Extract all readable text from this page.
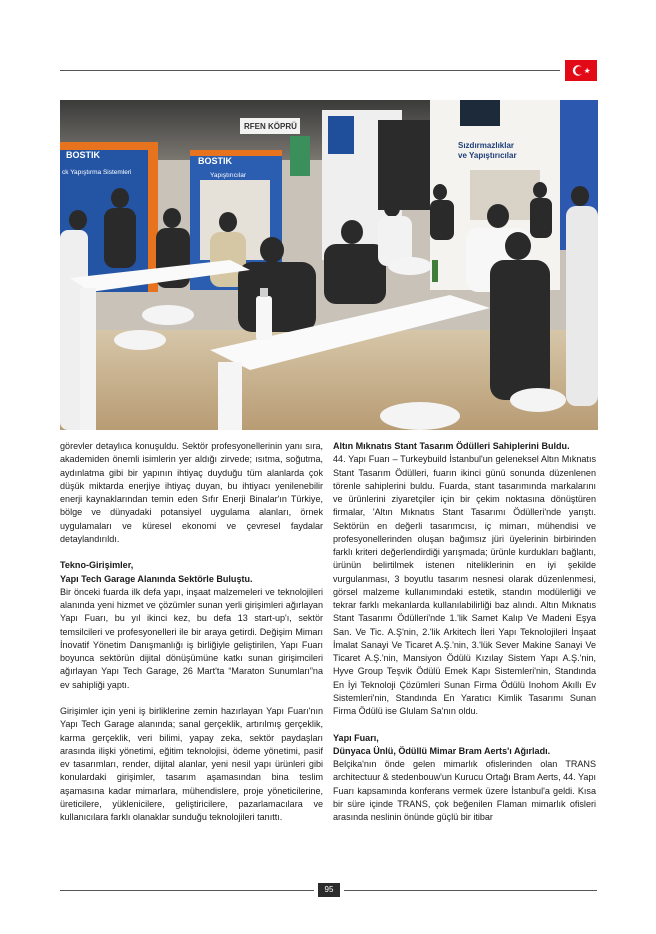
BOSTIK
ck Yapıştırma Sistemleri
BOSTIK
Yapıştırıcılar
RFEN KÖPRÜ
Sızdırmazlıklar
ve Yapıştırıcılar

görevler detaylıca konuşuldu. Sektör profesyonellerinin yanı sıra, akademiden önemli isimlerin yer aldığı zirvede; ısıtma, soğutma, aydınlatma gibi bir yapının ihtiyaç duyduğu tüm alanlarda çok düşük miktarda enerjiye ihtiyaç duyan, bu ihtiyacı yenilenebilir enerji kaynaklarından temin eden Sıfır Enerji Binalar'ın Türkiye, bölge ve dünyadaki potansiyel uygulama alanları, örnek uygulamaları ve küresel ekonomi ve çevresel faydalar detaylandırıldı.

Tekno-Girişimler,

Yapı Tech Garage Alanında Sektörle Buluştu.

Bir önceki fuarda ilk defa yapı, inşaat malzemeleri ve teknolojileri alanında yeni hizmet ve çözümler sunan yerli girişimleri ağırlayan Yapı Fuarı, bu yıl ikinci kez, bu defa 13 start-up'ı, sektör temsilcileri ve profesyonelleri ile bir araya getirdi. Değişim Mimarı İnovatif Yönetim Danışmanlığı iş birliğiyle geliştirilen, Yapı Fuarı boyunca sektörün dijital dönüşümüne katkı sunan girişimcileri ağırlayan Yapı Tech Garage, 26 Mart'ta “Maraton Sunumları”na ev sahipliği yaptı.

Girişimler için yeni iş birliklerine zemin hazırlayan Yapı Fuarı'nın Yapı Tech Garage alanında; sanal gerçeklik, artırılmış gerçeklik, karma gerçeklik, veri bilimi, yapay zeka, sektör paydaşları arasında ilişki yönetimi, eğitim teknolojisi, ödeme yönetimi, pasif ev tasarımları, render, dijital alanlar, yeni nesil yapı ürünleri gibi konulardaki girişimler, tasarım aşamasından bina teslim aşamasına kadar mimarlara, mühendislere, proje yöneticilerine, üreticilere, yüklenicilere, geliştiricilere, pazarlamacılara ve kullanıcılara farklı olanaklar sunduğu teknolojileri tanıttı.

Altın Mıknatıs Stant Tasarım Ödülleri Sahiplerini Buldu.

44. Yapı Fuarı – Turkeybuild İstanbul'un geleneksel Altın Mıknatıs Stant Tasarım Ödülleri, fuarın ikinci günü sonunda düzenlenen törenle sahiplerini buldu. Fuarda, stant tasarımında markalarını ve ürünlerini ziyaretçiler için bir çekim noktasına dönüştüren firmalar, 'Altın Mıknatıs Stant Tasarımı Ödülleri'nde yarıştı. Sektörün en değerli tasarımcısı, iç mimarı, mühendisi ve profesyonellerinden oluşan bağımsız jüri üyelerinin birbirinden farklı kriteri değerlendirdiği yarışmada; ürünle kurdukları bağlantı, ürünün belirtilmek istenen niteliklerinin en iyi şekilde vurgulanması, 3 boyutlu tasarım nesnesi olarak düzenlenmesi, görsel malzeme kullanımındaki estetik, standın modülerliği ve tekrar farklı mekanlarda kullanılabilirliği baz alındı. Altın Mıknatıs Stant Tasarımı Ödülleri'nde 1.'lik Samet Kalıp Ve Madeni Eşya San. Ve Tic. A.Ş'nin, 2.'lik Arkitech İleri Yapı Teknolojileri İnşaat İmalat Sanayi Ve Ticaret A.Ş.'nin, 3.'lük Sever Makine Sanayi Ve Ticaret A.Ş.'nin, Mansiyon Ödülü Kızılay Sistem Yapı A.Ş.'nin, Hyve Group Teşvik Ödülü Emek Kapı Sistemleri'nin, Standında En İyi Teknoloji Çözümleri Sunan Firma Ödülü Inohom Akıllı Ev Sistemleri'nin, Standında En Yaratıcı Kimlik Tasarımı Sunan Firma Ödülü ise Glulam Sa'nın oldu.

Yapı Fuarı,

Dünyaca Ünlü, Ödüllü Mimar Bram Aerts'ı Ağırladı.

Belçika'nın önde gelen mimarlık ofislerinden olan TRANS architectuur & stedenbouw'un Kurucu Ortağı Bram Aerts, 44. Yapı Fuarı kapsamında konferans vermek üzere İstanbul'a geldi. Kısa bir süre içinde TRANS, çok beğenilen Flaman mimarlık ofisleri arasında neslinin önünde güçlü bir itibar

95
